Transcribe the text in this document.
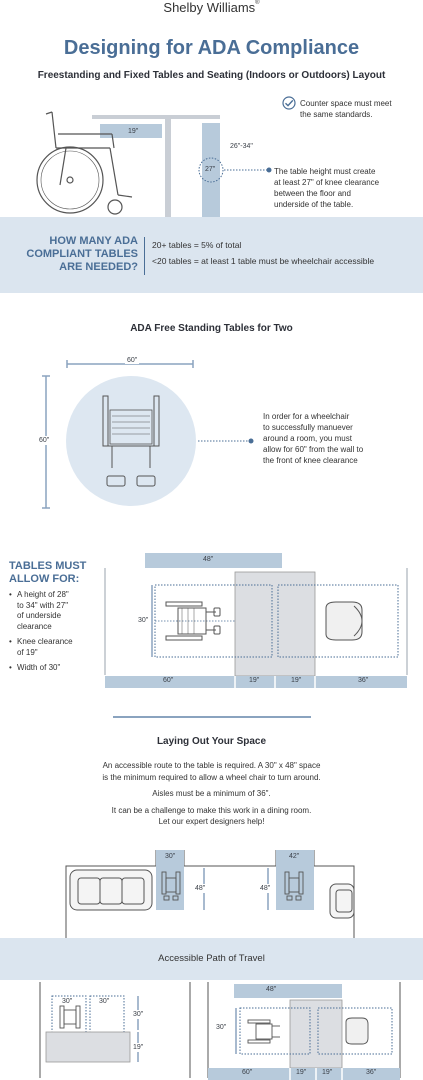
Shelby Williams®
Designing for ADA Compliance
Freestanding and Fixed Tables and Seating (Indoors or Outdoors) Layout
19"
26"-34"
27"
Counter space must meet
the same standards.
The table height must create
at least 27" of knee clearance
between the floor and
underside of the table.
HOW MANY ADA
COMPLIANT TABLES
ARE NEEDED?
20+ tables = 5% of total
<20 tables = at least 1 table must be wheelchair accessible
ADA Free Standing Tables for Two
60"
60"
In order for a wheelchair
to successfully manuever
around a room, you must
allow for 60" from the wall to
the front of knee clearance
TABLES MUST
ALLOW FOR:
• A height of 28"
to 34" with 27"
of underside
clearance
• Knee clearance
of 19"
• Width of 30"
48"
30"
60"	19"	19"	36"
Laying Out Your Space
An accessible route to the table is required. A 30" x 48" space
is the minimum required to allow a wheel chair to turn around.
Aisles must be a minimum of 36".
It can be a challenge to make this work in a dining room.
Let our expert designers help!
30"
48"
42"
48"
Accessible Path of Travel
30"	30"
30"
19"
48"
30"
60"	19" 19"	36"
